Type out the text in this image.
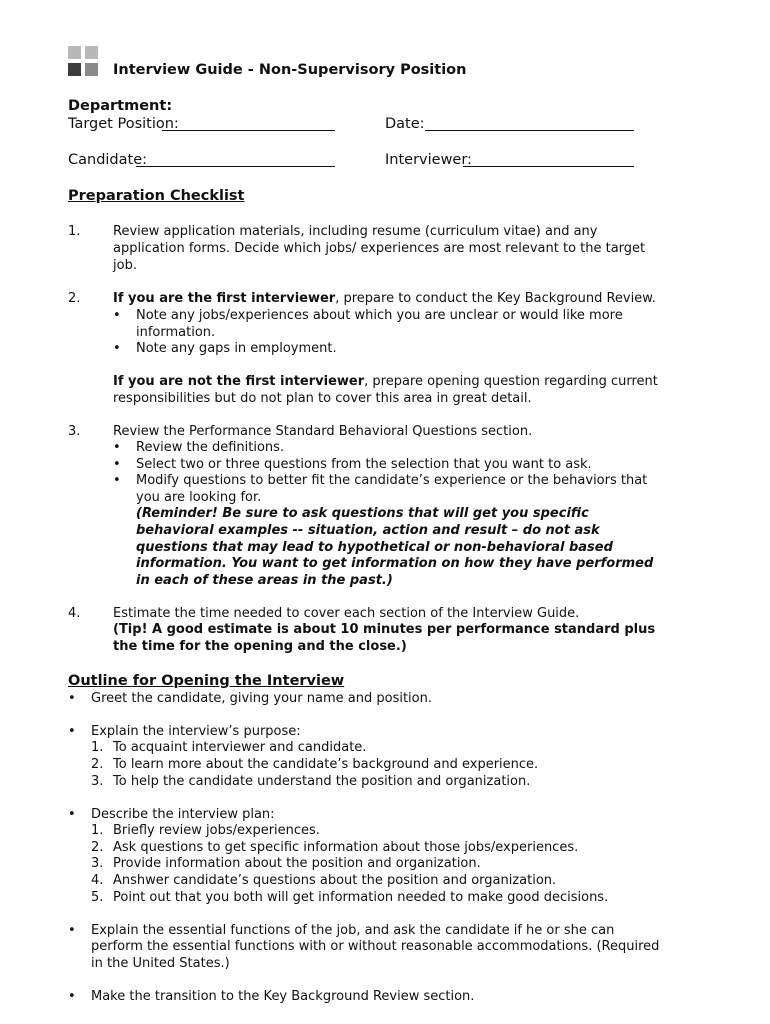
Interview Guide - Non-Supervisory Position
Department:
Target Position:	Date:
Candidate:	Interviewer:
Preparation Checklist
1.	Review application materials, including resume (curriculum vitae) and any
application forms. Decide which jobs/ experiences are most relevant to the target
job.
2.	If you are the first interviewer, prepare to conduct the Key Background Review.
• Note any jobs/experiences about which you are unclear or would like more
information.
• Note any gaps in employment.
If you are not the first interviewer, prepare opening question regarding current
responsibilities but do not plan to cover this area in great detail.
3.	Review the Performance Standard Behavioral Questions section.
• Review the definitions.
• Select two or three questions from the selection that you want to ask.
• Modify questions to better fit the candidate’s experience or the behaviors that
you are looking for.
(Reminder! Be sure to ask questions that will get you specific
behavioral examples -- situation, action and result – do not ask
questions that may lead to hypothetical or non-behavioral based
information. You want to get information on how they have performed
in each of these areas in the past.)
4.	Estimate the time needed to cover each section of the Interview Guide.
(Tip! A good estimate is about 10 minutes per performance standard plus
the time for the opening and the close.)
Outline for Opening the Interview
• Greet the candidate, giving your name and position.
• Explain the interview’s purpose:
1. To acquaint interviewer and candidate.
2. To learn more about the candidate’s background and experience.
3. To help the candidate understand the position and organization.
• Describe the interview plan:
1. Briefly review jobs/experiences.
2. Ask questions to get specific information about those jobs/experiences.
3. Provide information about the position and organization.
4. Anshwer candidate’s questions about the position and organization.
5. Point out that you both will get information needed to make good decisions.
• Explain the essential functions of the job, and ask the candidate if he or she can
perform the essential functions with or without reasonable accommodations. (Required
in the United States.)
• Make the transition to the Key Background Review section.
